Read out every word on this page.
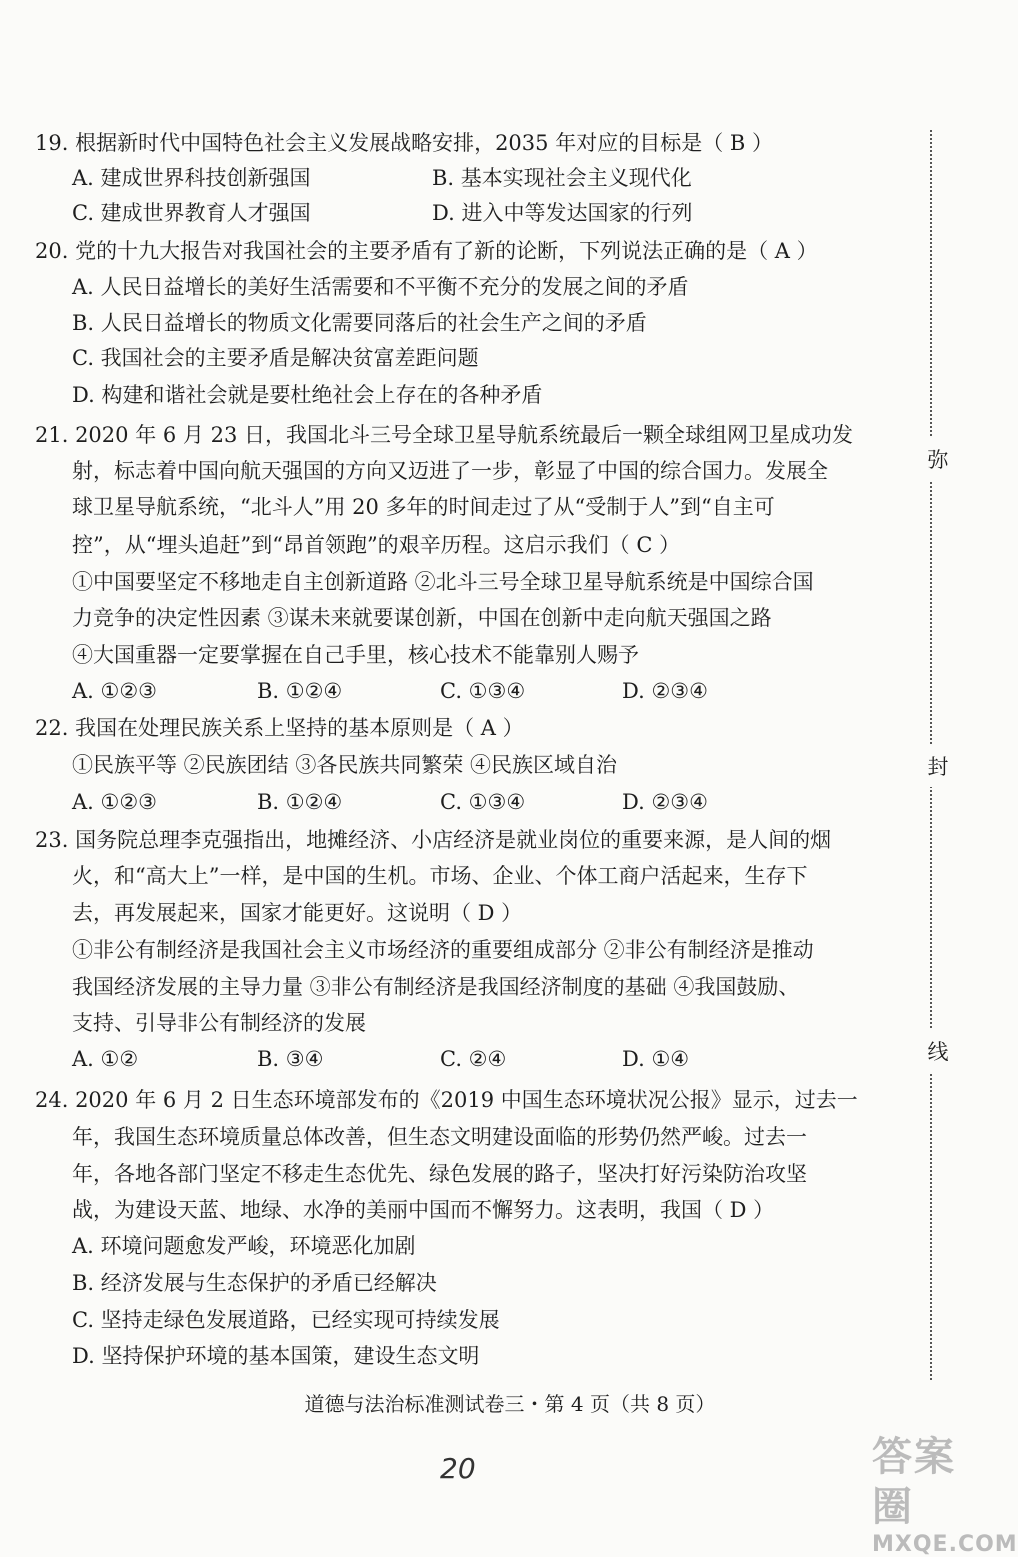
19. 根据新时代中国特色社会主义发展战略安排，2035 年对应的目标是（ B ）
A. 建成世界科技创新强国	B. 基本实现社会主义现代化
C. 建成世界教育人才强国	D. 进入中等发达国家的行列
20. 党的十九大报告对我国社会的主要矛盾有了新的论断，下列说法正确的是（ A ）
A. 人民日益增长的美好生活需要和不平衡不充分的发展之间的矛盾
B. 人民日益增长的物质文化需要同落后的社会生产之间的矛盾
C. 我国社会的主要矛盾是解决贫富差距问题
D. 构建和谐社会就是要杜绝社会上存在的各种矛盾
21. 2020 年 6 月 23 日，我国北斗三号全球卫星导航系统最后一颗全球组网卫星成功发
射，标志着中国向航天强国的方向又迈进了一步，彰显了中国的综合国力。发展全
球卫星导航系统，“北斗人”用 20 多年的时间走过了从“受制于人”到“自主可
控”，从“埋头追赶”到“昂首领跑”的艰辛历程。这启示我们（ C ）
①中国要坚定不移地走自主创新道路 ②北斗三号全球卫星导航系统是中国综合国
力竞争的决定性因素 ③谋未来就要谋创新，中国在创新中走向航天强国之路
④大国重器一定要掌握在自己手里，核心技术不能靠别人赐予
A. ①②③	B. ①②④	C. ①③④	D. ②③④
22. 我国在处理民族关系上坚持的基本原则是（ A ）
①民族平等 ②民族团结 ③各民族共同繁荣 ④民族区域自治
A. ①②③	B. ①②④	C. ①③④	D. ②③④
23. 国务院总理李克强指出，地摊经济、小店经济是就业岗位的重要来源，是人间的烟
火，和“高大上”一样，是中国的生机。市场、企业、个体工商户活起来，生存下
去，再发展起来，国家才能更好。这说明（ D ）
①非公有制经济是我国社会主义市场经济的重要组成部分 ②非公有制经济是推动
我国经济发展的主导力量 ③非公有制经济是我国经济制度的基础 ④我国鼓励、
支持、引导非公有制经济的发展
A. ①②	B. ③④	C. ②④	D. ①④
24. 2020 年 6 月 2 日生态环境部发布的《2019 中国生态环境状况公报》显示，过去一
年，我国生态环境质量总体改善，但生态文明建设面临的形势仍然严峻。过去一
年，各地各部门坚定不移走生态优先、绿色发展的路子，坚决打好污染防治攻坚
战，为建设天蓝、地绿、水净的美丽中国而不懈努力。这表明，我国（ D ）
A. 环境问题愈发严峻，环境恶化加剧
B. 经济发展与生态保护的矛盾已经解决
C. 坚持走绿色发展道路，已经实现可持续发展
D. 坚持保护环境的基本国策，建设生态文明
弥
封
线
道德与法治标准测试卷三・第 4 页（共 8 页）
20	答案圈
MXQE.COM
